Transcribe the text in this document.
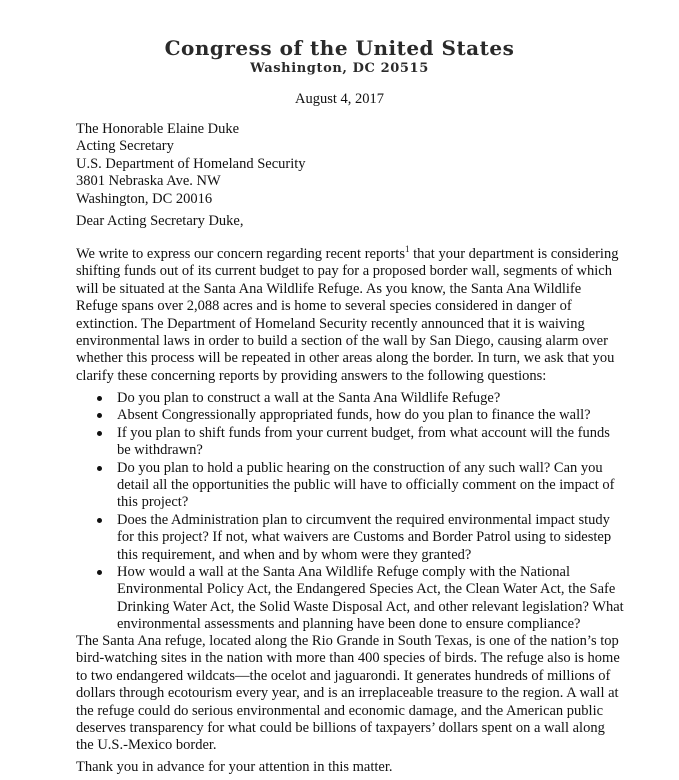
Congress of the United States
Washington, DC 20515
August 4, 2017
The Honorable Elaine Duke
Acting Secretary
U.S. Department of Homeland Security
3801 Nebraska Ave. NW
Washington, DC 20016
Dear Acting Secretary Duke,
We write to express our concern regarding recent reports$^1$ that your department is considering shifting funds out of its current budget to pay for a proposed border wall, segments of which will be situated at the Santa Ana Wildlife Refuge. As you know, the Santa Ana Wildlife Refuge spans over 2,088 acres and is home to several species considered in danger of extinction. The Department of Homeland Security recently announced that it is waiving environmental laws in order to build a section of the wall by San Diego, causing alarm over whether this process will be repeated in other areas along the border. In turn, we ask that you clarify these concerning reports by providing answers to the following questions:
Do you plan to construct a wall at the Santa Ana Wildlife Refuge?
Absent Congressionally appropriated funds, how do you plan to finance the wall?
If you plan to shift funds from your current budget, from what account will the funds be withdrawn?
Do you plan to hold a public hearing on the construction of any such wall? Can you detail all the opportunities the public will have to officially comment on the impact of this project?
Does the Administration plan to circumvent the required environmental impact study for this project? If not, what waivers are Customs and Border Patrol using to sidestep this requirement, and when and by whom were they granted?
How would a wall at the Santa Ana Wildlife Refuge comply with the National Environmental Policy Act, the Endangered Species Act, the Clean Water Act, the Safe Drinking Water Act, the Solid Waste Disposal Act, and other relevant legislation? What environmental assessments and planning have been done to ensure compliance?
The Santa Ana refuge, located along the Rio Grande in South Texas, is one of the nation’s top bird-watching sites in the nation with more than 400 species of birds. The refuge also is home to two endangered wildcats—the ocelot and jaguarondi. It generates hundreds of millions of dollars through ecotourism every year, and is an irreplaceable treasure to the region. A wall at the refuge could do serious environmental and economic damage, and the American public deserves transparency for what could be billions of taxpayers’ dollars spent on a wall along the U.S.-Mexico border.
Thank you in advance for your attention in this matter.
